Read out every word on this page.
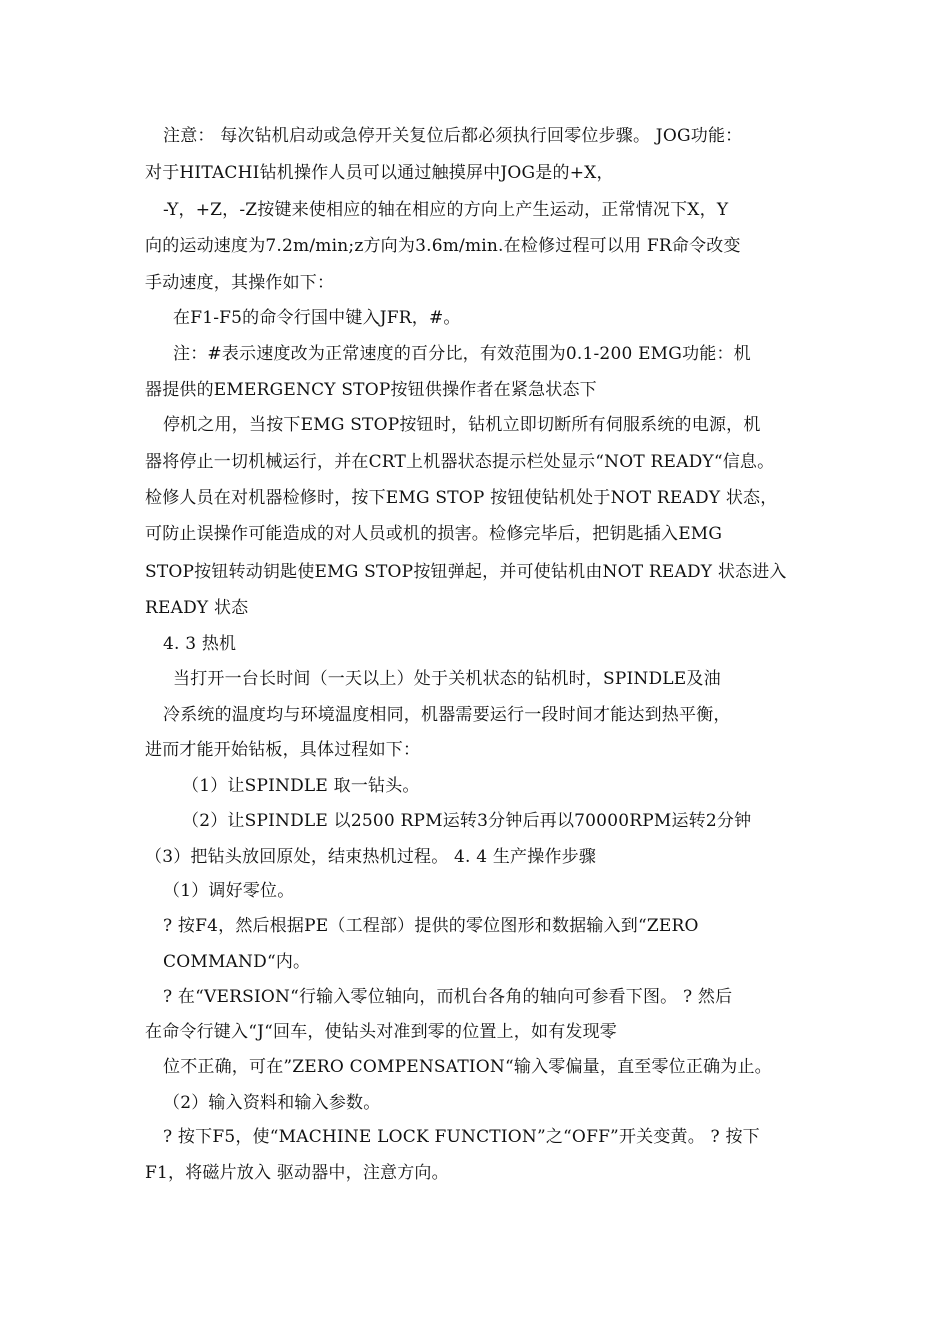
注意： 每次钻机启动或急停开关复位后都必须执行回零位步骤。 JOG功能：
对于HITACHI钻机操作人员可以通过触摸屏中JOG是的+X，
-Y，+Z，-Z按键来使相应的轴在相应的方向上产生运动，正常情况下X，Y
向的运动速度为7.2m/min;z方向为3.6m/min.在检修过程可以用 FR命令改变
手动速度，其操作如下：
在F1-F5的命令行国中键入JFR，#。
注：#表示速度改为正常速度的百分比，有效范围为0.1-200 EMG功能：机
器提供的EMERGENCY STOP按钮供操作者在紧急状态下
停机之用，当按下EMG STOP按钮时，钻机立即切断所有伺服系统的电源，机
器将停止一切机械运行，并在CRT上机器状态提示栏处显示“NOT READY“信息。
检修人员在对机器检修时，按下EMG STOP 按钮使钻机处于NOT READY 状态，
可防止误操作可能造成的对人员或机的损害。检修完毕后，把钥匙插入EMG
STOP按钮转动钥匙使EMG STOP按钮弹起，并可使钻机由NOT READY 状态进入
READY 状态
4. 3 热机
当打开一台长时间（一天以上）处于关机状态的钻机时，SPINDLE及油
冷系统的温度均与环境温度相同，机器需要运行一段时间才能达到热平衡，
进而才能开始钻板，具体过程如下：
（1）让SPINDLE 取一钻头。
（2）让SPINDLE 以2500 RPM运转3分钟后再以70000RPM运转2分钟
（3）把钻头放回原处，结束热机过程。 4. 4 生产操作步骤
（1）调好零位。
? 按F4，然后根据PE（工程部）提供的零位图形和数据输入到“ZERO
COMMAND“内。
? 在“VERSION“行输入零位轴向，而机台各角的轴向可参看下图。 ? 然后
在命令行键入“J“回车，使钻头对准到零的位置上，如有发现零
位不正确，可在”ZERO COMPENSATION“输入零偏量，直至零位正确为止。
（2）输入资料和输入参数。
? 按下F5，使“MACHINE LOCK FUNCTION”之“OFF”开关变黄。 ? 按下
F1，将磁片放入 驱动器中，注意方向。
